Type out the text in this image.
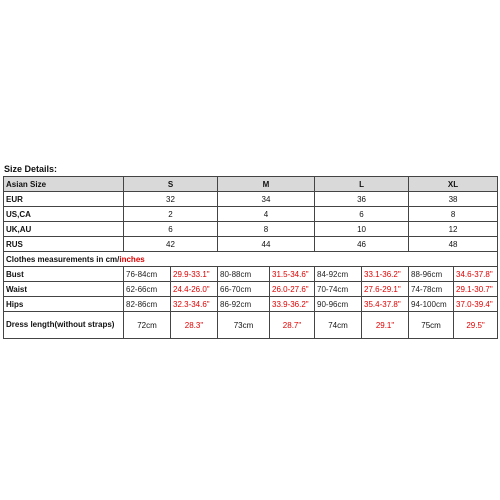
Size Details:
Asian Size	S		M		L		XL	
EUR	32		34		36		38	
US,CA	2		4		6		8	
UK,AU	6		8		10		12	
RUS	42		44		46		48	
Clothes measurements in cm/inches								
Bust	76-84cm	29.9-33.1"	80-88cm	31.5-34.6"	84-92cm	33.1-36.2"	88-96cm	34.6-37.8"
Waist	62-66cm	24.4-26.0"	66-70cm	26.0-27.6"	70-74cm	27.6-29.1"	74-78cm	29.1-30.7"
Hips	82-86cm	32.3-34.6"	86-92cm	33.9-36.2"	90-96cm	35.4-37.8"	94-100cm	37.0-39.4"
Dress length(without straps)	72cm	28.3"	73cm	28.7"	74cm	29.1"	75cm	29.5"
